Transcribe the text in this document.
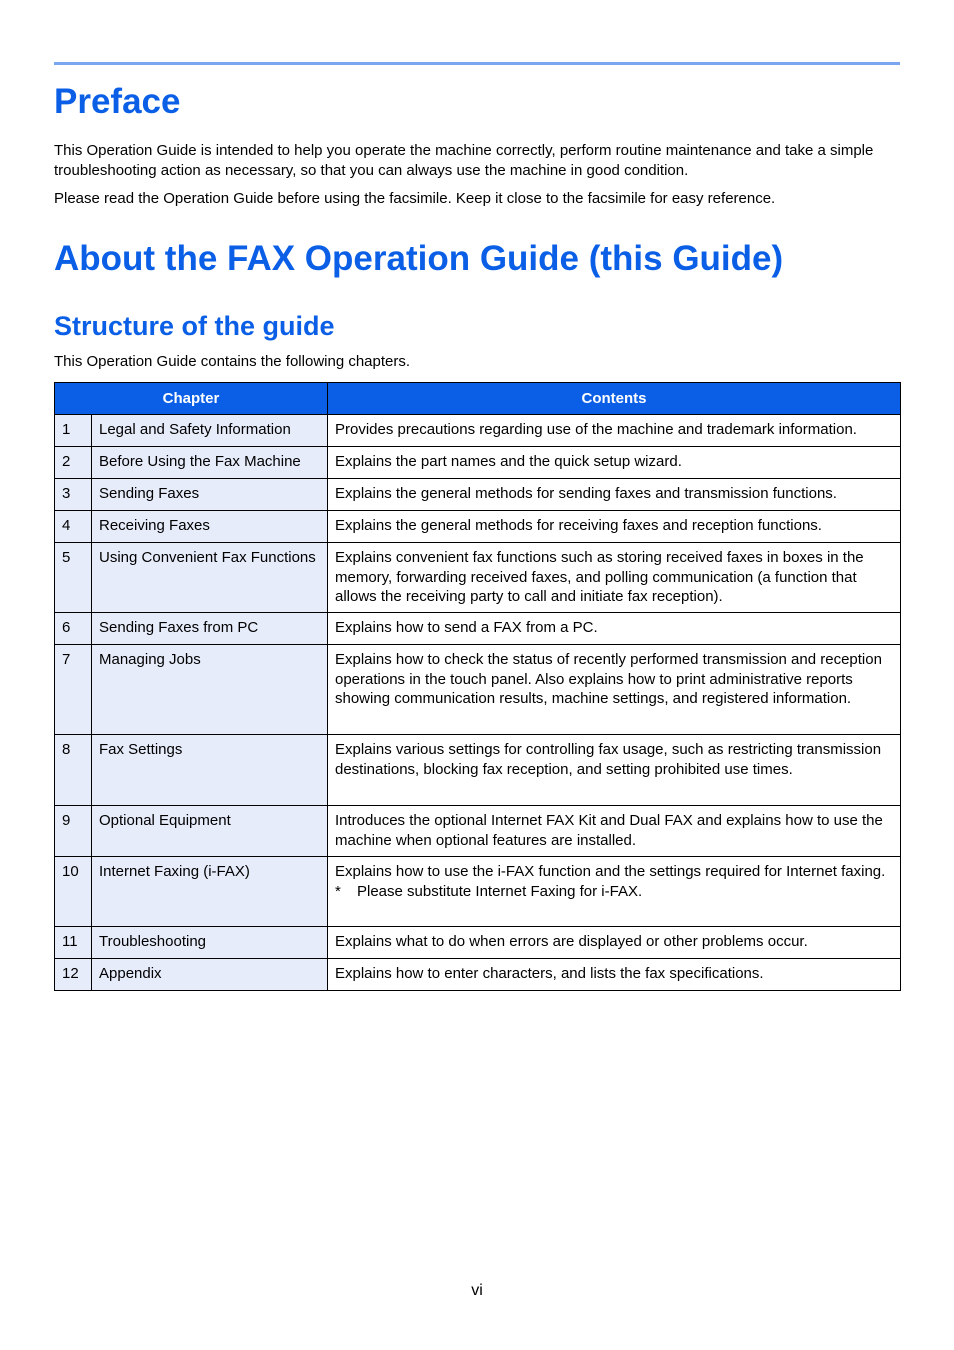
Preface

This Operation Guide is intended to help you operate the machine correctly, perform routine maintenance and take a simple troubleshooting action as necessary, so that you can always use the machine in good condition.

Please read the Operation Guide before using the facsimile. Keep it close to the facsimile for easy reference.

About the FAX Operation Guide (this Guide)
Structure of the guide

This Operation Guide contains the following chapters.

Chapter		Contents
1	Legal and Safety Information	Provides precautions regarding use of the machine and trademark information.
2	Before Using the Fax Machine	Explains the part names and the quick setup wizard.
3	Sending Faxes	Explains the general methods for sending faxes and transmission functions.
4	Receiving Faxes	Explains the general methods for receiving faxes and reception functions.
5	Using Convenient Fax Functions	Explains convenient fax functions such as storing received faxes in boxes in the memory, forwarding received faxes, and polling communication (a function that allows the receiving party to call and initiate fax reception).
6	Sending Faxes from PC	Explains how to send a FAX from a PC.
7	Managing Jobs	Explains how to check the status of recently performed transmission and reception operations in the touch panel. Also explains how to print administrative reports showing communication results, machine settings, and registered information.
8	Fax Settings	Explains various settings for controlling fax usage, such as restricting transmission destinations, blocking fax reception, and setting prohibited use times.
9	Optional Equipment	Introduces the optional Internet FAX Kit and Dual FAX and explains how to use the machine when optional features are installed.
10	Internet Faxing (i-FAX)	Explains how to use the i-FAX function and the settings required for Internet faxing.
* Please substitute Internet Faxing for i-FAX.

11	Troubleshooting	Explains what to do when errors are displayed or other problems occur.
12	Appendix	Explains how to enter characters, and lists the fax specifications.
vi
